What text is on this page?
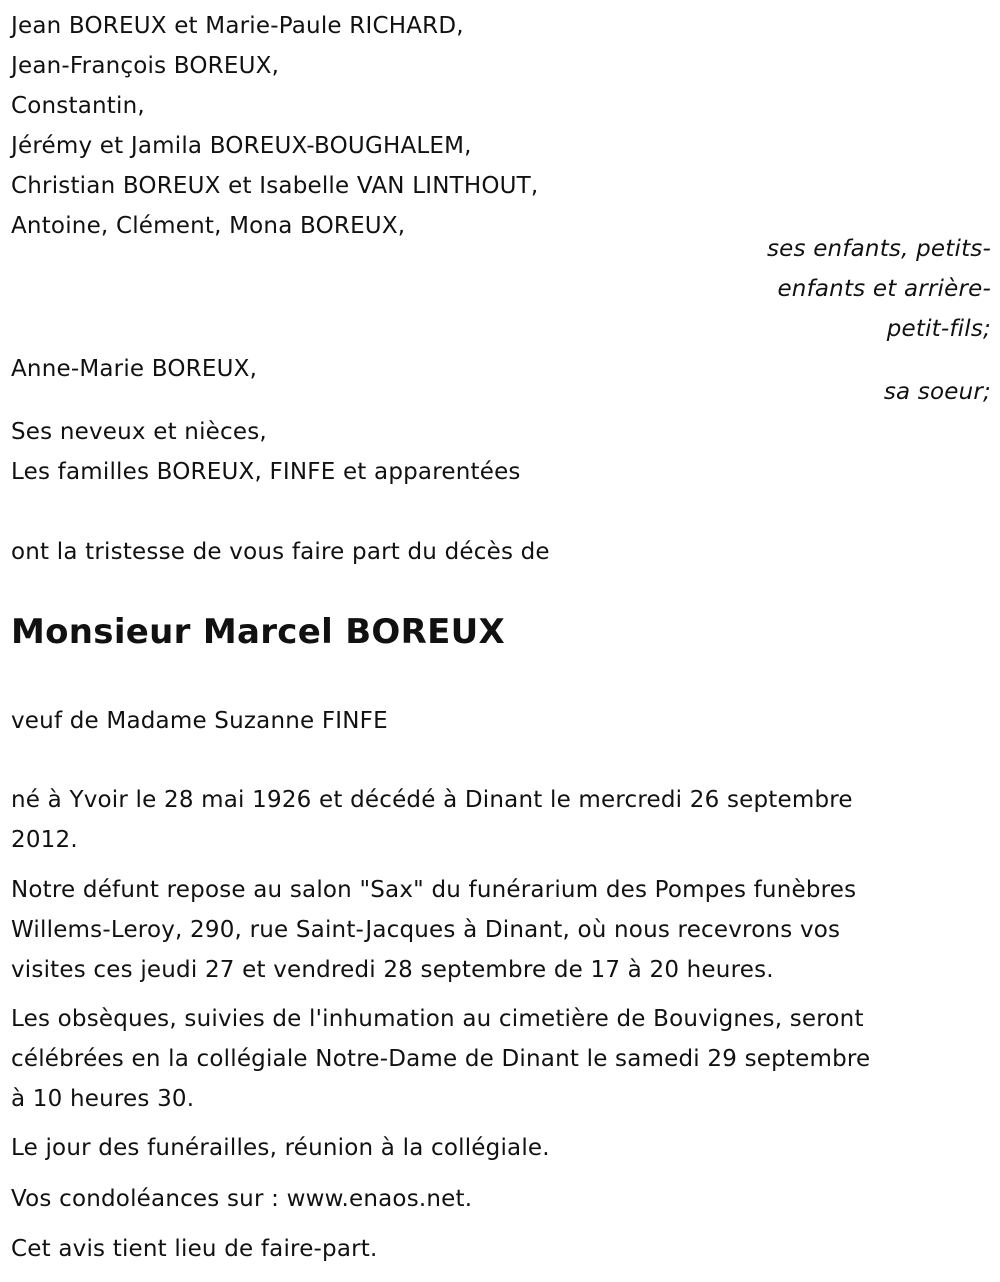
Jean BOREUX et Marie-Paule RICHARD,
Jean-François BOREUX,
Constantin,
Jérémy et Jamila BOREUX-BOUGHALEM,
Christian BOREUX et Isabelle VAN LINTHOUT,
Antoine, Clément, Mona BOREUX,
ses enfants, petits-
enfants et arrière-
petit-fils;
Anne-Marie BOREUX,
sa soeur;
Ses neveux et nièces,
Les familles BOREUX, FINFE et apparentées
ont la tristesse de vous faire part du décès de
Monsieur Marcel BOREUX
veuf de Madame Suzanne FINFE
né à Yvoir le 28 mai 1926 et décédé à Dinant le mercredi 26 septembre
2012.
Notre défunt repose au salon "Sax" du funérarium des Pompes funèbres
Willems-Leroy, 290, rue Saint-Jacques à Dinant, où nous recevrons vos
visites ces jeudi 27 et vendredi 28 septembre de 17 à 20 heures.
Les obsèques, suivies de l'inhumation au cimetière de Bouvignes, seront
célébrées en la collégiale Notre-Dame de Dinant le samedi 29 septembre
à 10 heures 30.
Le jour des funérailles, réunion à la collégiale.
Vos condoléances sur : www.enaos.net.
Cet avis tient lieu de faire-part.
